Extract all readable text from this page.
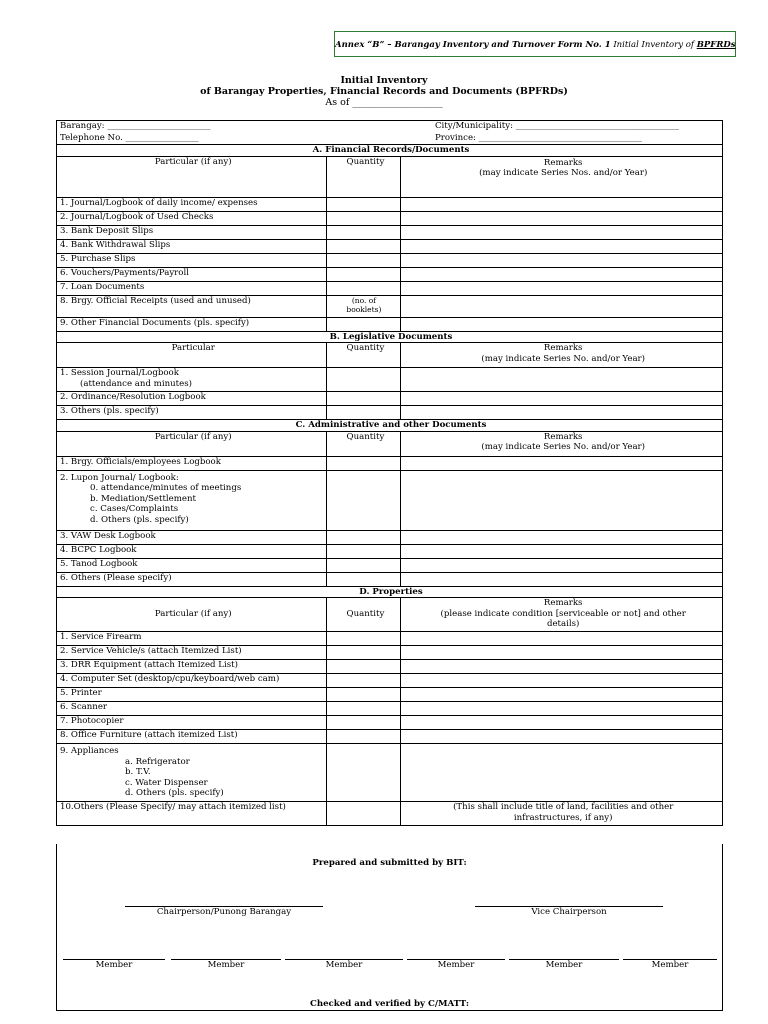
Annex “B” – Barangay Inventory and Turnover Form No. 1 Initial Inventory of BPFRDs
Initial Inventory
of Barangay Properties, Financial Records and Documents (BPFRDs)
As of ___________________
Barangay: ________________________	City/Municipality: ______________________________________	
Telephone No. _________________	Province: ______________________________________	
A. Financial Records/Documents		
Particular (if any)	Quantity	Remarks
(may indicate Series Nos. and/or Year)

1. Journal/Logbook of daily income/ expenses		
2. Journal/Logbook of Used Checks		
3. Bank Deposit Slips		
4. Bank Withdrawal Slips		
5. Purchase Slips		
6. Vouchers/Payments/Payroll		
7. Loan Documents		
8. Brgy. Official Receipts (used and unused)	(no. of
booklets)	

9. Other Financial Documents (pls. specify)		
B. Legislative Documents		
Particular	Quantity	Remarks
(may indicate Series No. and/or Year)

1. Session Journal/Logbook
(attendance and minutes)		

2. Ordinance/Resolution Logbook		
3. Others (pls. specify)		
C. Administrative and other Documents		
Particular (if any)	Quantity	Remarks
(may indicate Series No. and/or Year)

1. Brgy. Officials/employees Logbook		

2. Lupon Journal/ Logbook:
0. attendance/minutes of meetings
b. Mediation/Settlement
c. Cases/Complaints
d. Others (pls. specify)		

3. VAW Desk Logbook		
4. BCPC Logbook		
5. Tanod Logbook		
6. Others (Please specify)		
D. Properties		
Particular (if any)	Quantity	Remarks
(please indicate condition [serviceable or not] and other
details)

1. Service Firearm		
2. Service Vehicle/s (attach Itemized List)		
3. DRR Equipment (attach Itemized List)		
4. Computer Set (desktop/cpu/keyboard/web cam)		
5. Printer		
6. Scanner		
7. Photocopier		
8. Office Furniture (attach itemized List)		

9. Appliances
a. Refrigerator
b. T.V.
c. Water Dispenser
d. Others (pls. specify)		

10.Others (Please Specify/ may attach itemized list)		(This shall include title of land, facilities and other
infrastructures, if any)
Prepared and submitted by BIT:
Chairperson/Punong Barangay	Vice Chairperson
Member	Member	Member	Member	Member	Member
Checked and verified by C/MATT:
